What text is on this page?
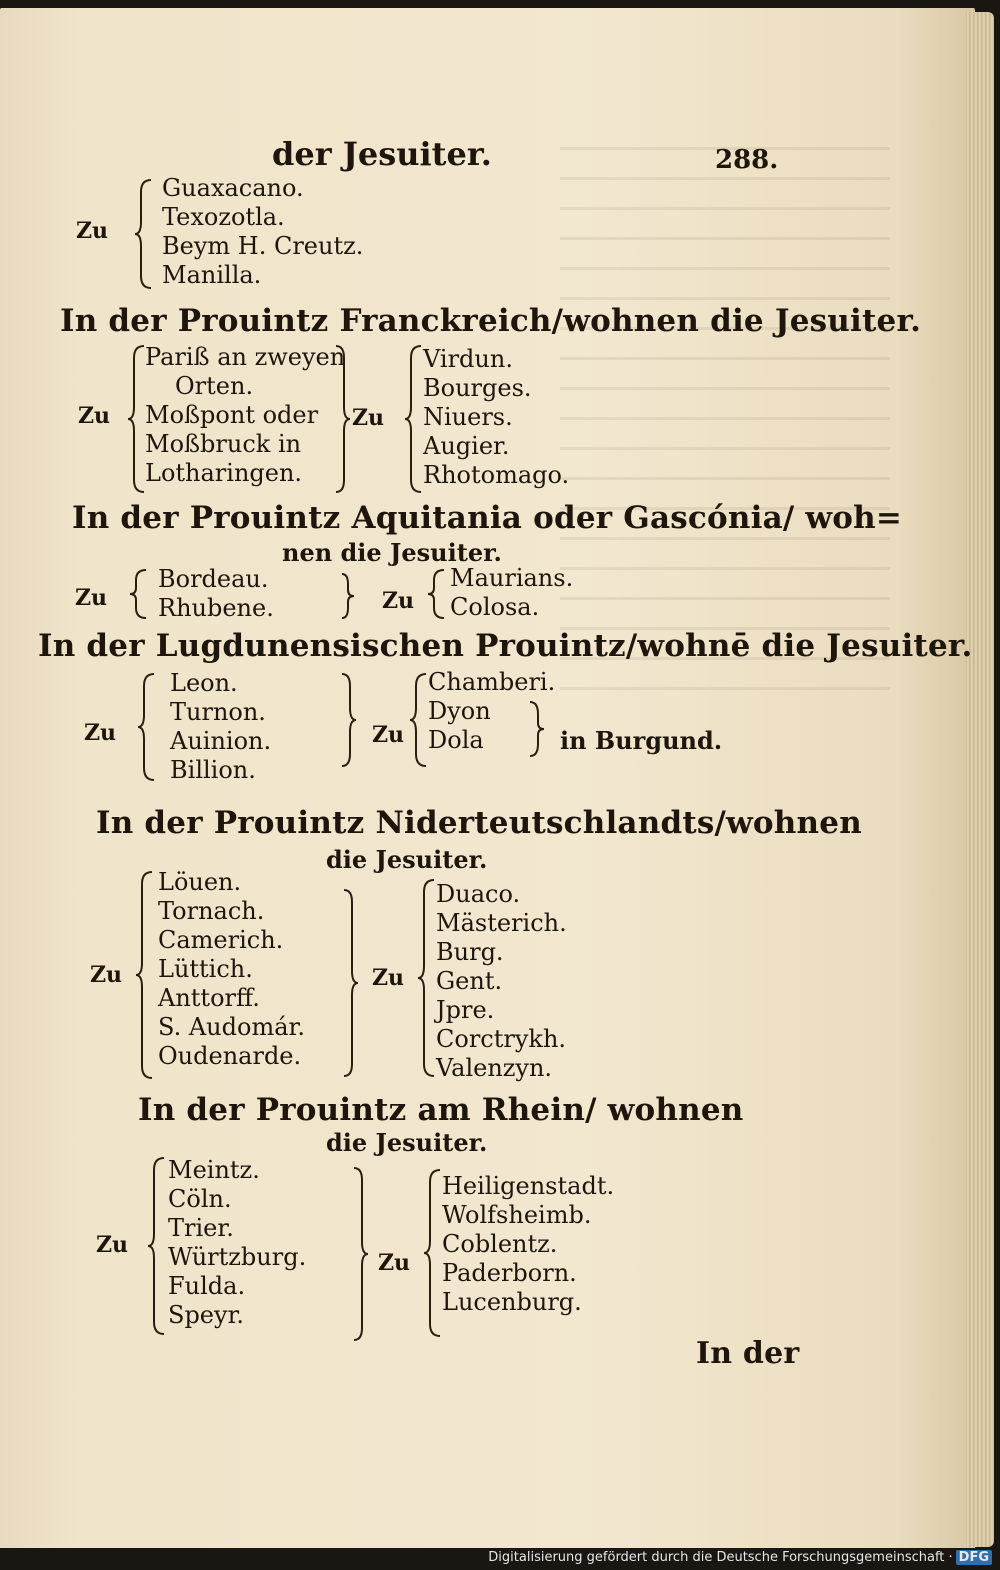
der Jesuiter.	288.
Zu
Guaxacano.
Texozotla.
Beym H. Creutz.
Manilla.
In der Prouintz Franckreich/wohnen die Jesuiter.
Zu
Pariß an zweyen
Orten.
Moßpont oder
Moßbruck in
Lotharingen.
Zu
Virdun.
Bourges.
Niuers.
Augier.
Rhotomago.
In der Prouintz Aquitania oder Gascónia/ woh=
nen die Jesuiter.
Zu
Bordeau.
Rhubene.	Zu
Maurians.
Colosa.
In der Lugdunensischen Prouintz/wohnē die Jesuiter.
Zu
Leon.
Turnon.
Auinion.
Billion.
Zu
Chamberi.
Dyon
Dola	in Burgund.
In der Prouintz Niderteutschlandts/wohnen
die Jesuiter.
Zu
Löuen.
Tornach.
Camerich.
Lüttich.
Anttorff.
S. Audomár.
Oudenarde.
Zu
Duaco.
Mästerich.
Burg.
Gent.
Jpre.
Corctrykh.
Valenzyn.
In der Prouintz am Rhein/ wohnen
die Jesuiter.
Zu
Meintz.
Cöln.
Trier.
Würtzburg.
Fulda.
Speyr.
Zu
Heiligenstadt.
Wolfsheimb.
Coblentz.
Paderborn.
Lucenburg.
In der
Digitalisierung gefördert durch die Deutsche Forschungsgemeinschaft · DFG
